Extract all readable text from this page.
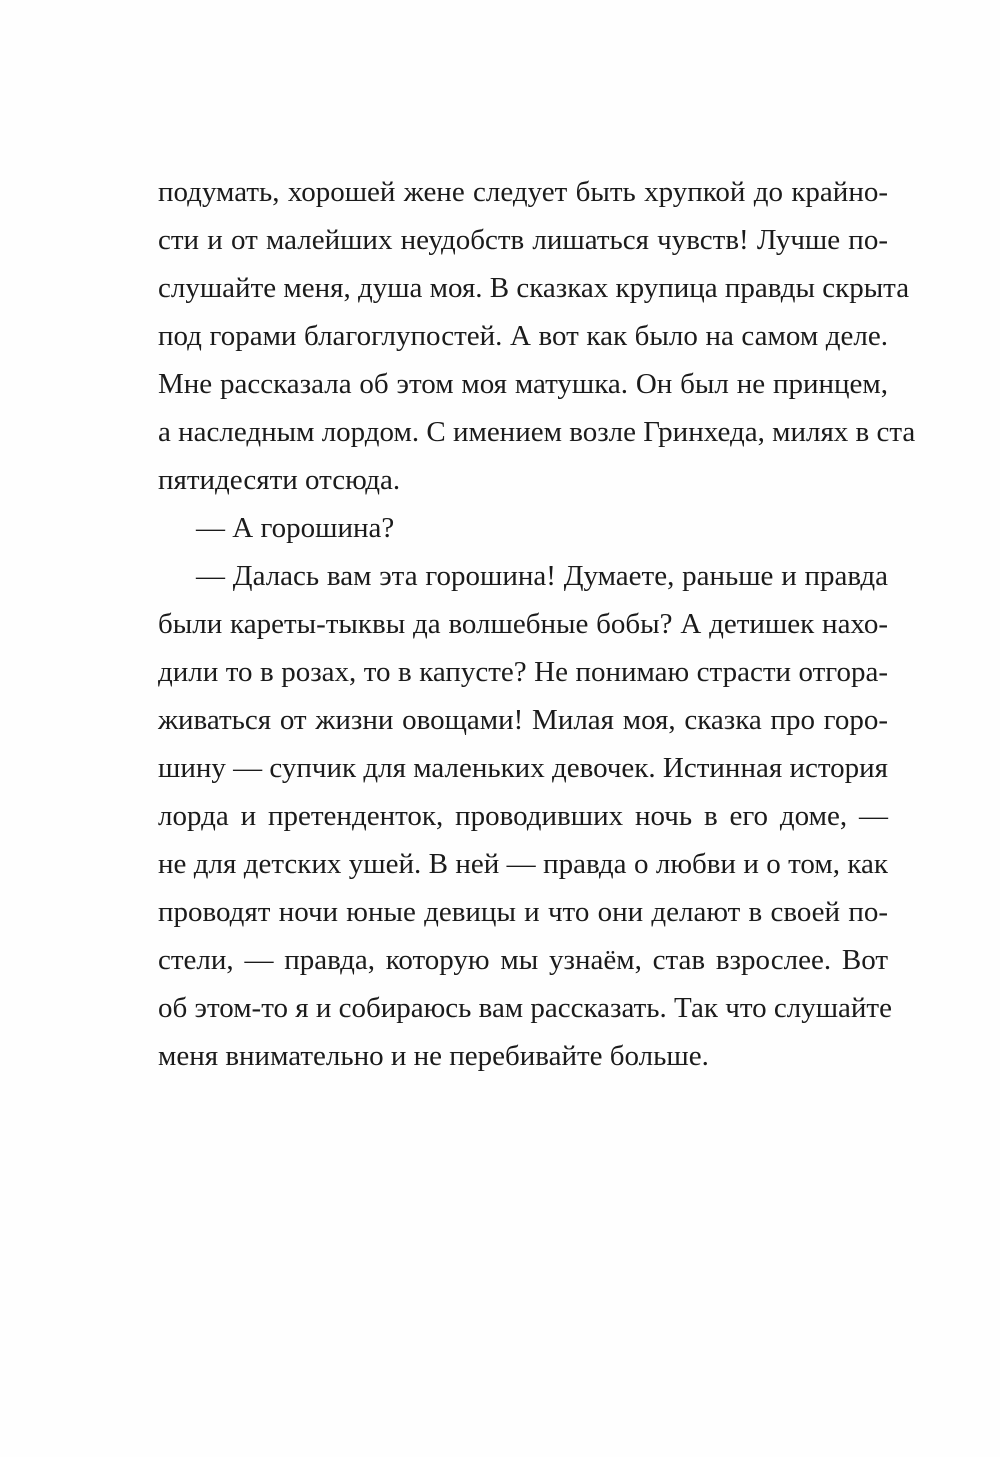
подумать, хорошей жене следует быть хрупкой до крайно-
сти и от малейших неудобств лишаться чувств! Лучше по-
слушайте меня, душа моя. В сказках крупица правды скрыта
под горами благоглупостей. А вот как было на самом деле.
Мне рассказала об этом моя матушка. Он был не принцем,
а наследным лордом. С имением возле Гринхеда, милях в ста
пятидесяти отсюда.
— А горошина?
— Далась вам эта горошина! Думаете, раньше и правда
были кареты-тыквы да волшебные бобы? А детишек нахо-
дили то в розах, то в капусте? Не понимаю страсти отгора-
живаться от жизни овощами! Милая моя, сказка про горо-
шину — супчик для маленьких девочек. Истинная история
лорда и претенденток, проводивших ночь в его доме, —
не для детских ушей. В ней — правда о любви и о том, как
проводят ночи юные девицы и что они делают в своей по-
стели, — правда, которую мы узнаём, став взрослее. Вот
об этом-то я и собираюсь вам рассказать. Так что слушайте
меня внимательно и не перебивайте больше.
